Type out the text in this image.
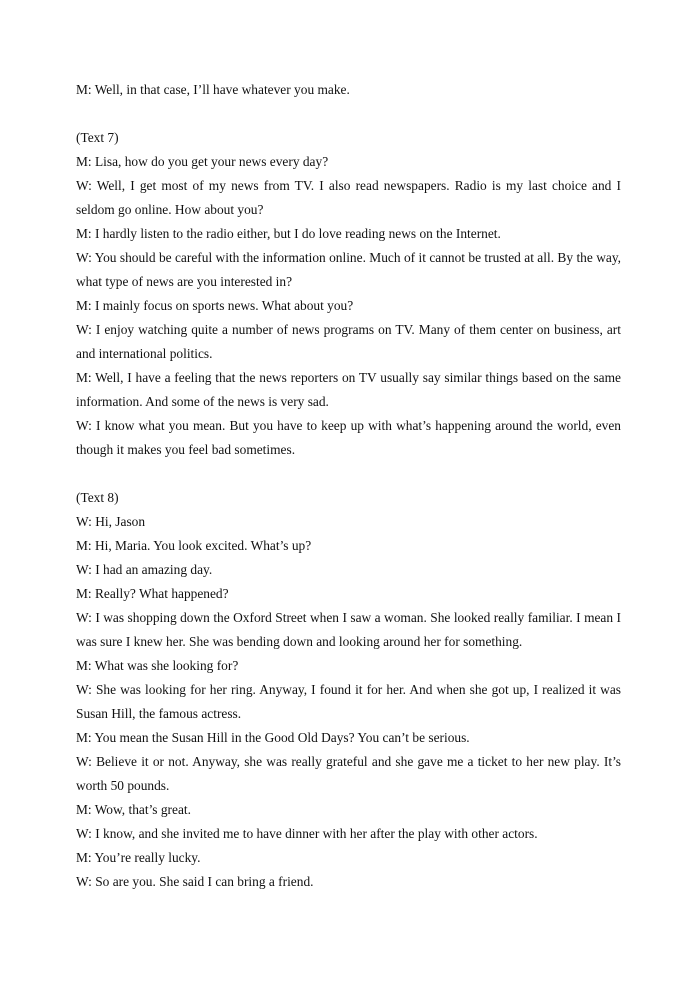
M: Well, in that case, I’ll have whatever you make.

(Text 7)

M: Lisa, how do you get your news every day?

W: Well, I get most of my news from TV. I also read newspapers. Radio is my last choice and I seldom go online. How about you?

M: I hardly listen to the radio either, but I do love reading news on the Internet.

W: You should be careful with the information online. Much of it cannot be trusted at all. By the way, what type of news are you interested in?

M: I mainly focus on sports news. What about you?

W: I enjoy watching quite a number of news programs on TV. Many of them center on business, art and international politics.

M: Well, I have a feeling that the news reporters on TV usually say similar things based on the same information. And some of the news is very sad.

W: I know what you mean. But you have to keep up with what’s happening around the world, even though it makes you feel bad sometimes.

(Text 8)

W: Hi, Jason

M: Hi, Maria. You look excited. What’s up?

W: I had an amazing day.

M: Really? What happened?

W: I was shopping down the Oxford Street when I saw a woman. She looked really familiar. I mean I was sure I knew her. She was bending down and looking around her for something.

M: What was she looking for?

W: She was looking for her ring. Anyway, I found it for her. And when she got up, I realized it was Susan Hill, the famous actress.

M: You mean the Susan Hill in the Good Old Days? You can’t be serious.

W: Believe it or not. Anyway, she was really grateful and she gave me a ticket to her new play. It’s worth 50 pounds.

M: Wow, that’s great.

W: I know, and she invited me to have dinner with her after the play with other actors.

M: You’re really lucky.

W: So are you. She said I can bring a friend.
